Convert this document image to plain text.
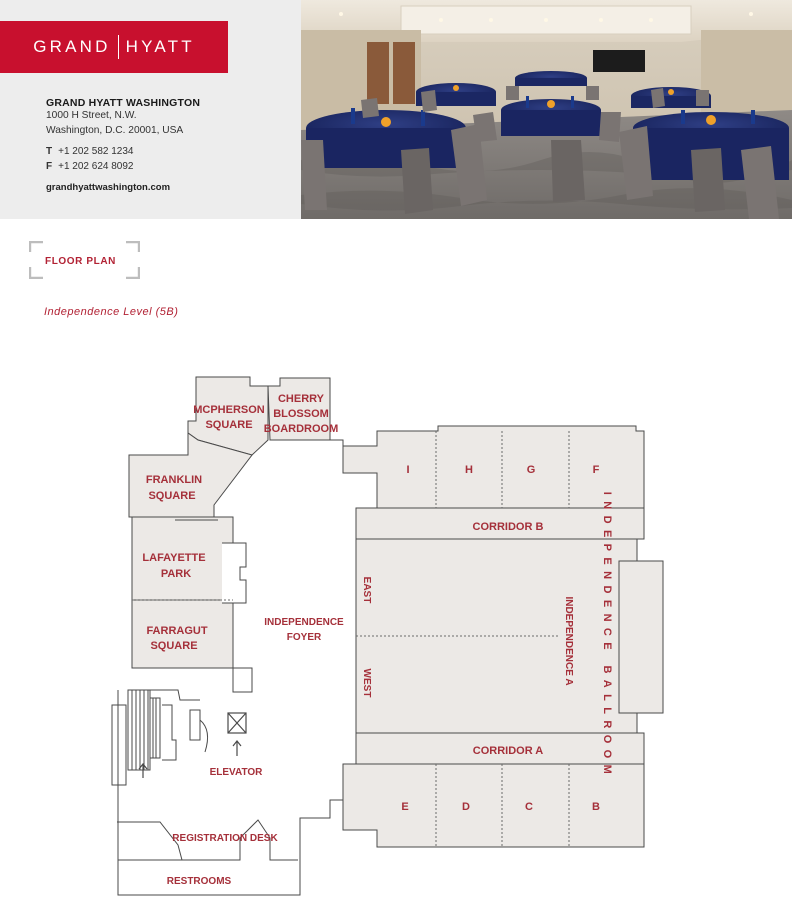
GRAND HYATT
GRAND HYATT WASHINGTON
1000 H Street, N.W.
Washington, D.C. 20001, USA
T +1 202 582 1234
F +1 202 624 8092
grandhyattwashington.com
FLOOR PLAN
Independence Level (5B)
MCPHERSON
SQUARE
CHERRY
BLOSSOM
BOARDROOM
FRANKLIN
SQUARE
LAFAYETTE
PARK
FARRAGUT
SQUARE
INDEPENDENCE
FOYER
ELEVATOR
REGISTRATION DESK
RESTROOMS
CORRIDOR B
CORRIDOR A
EAST
WEST	INDEPENDENCE A INDEPENDENCE BALLROOM
I	H	G	F
E	D	C	B
